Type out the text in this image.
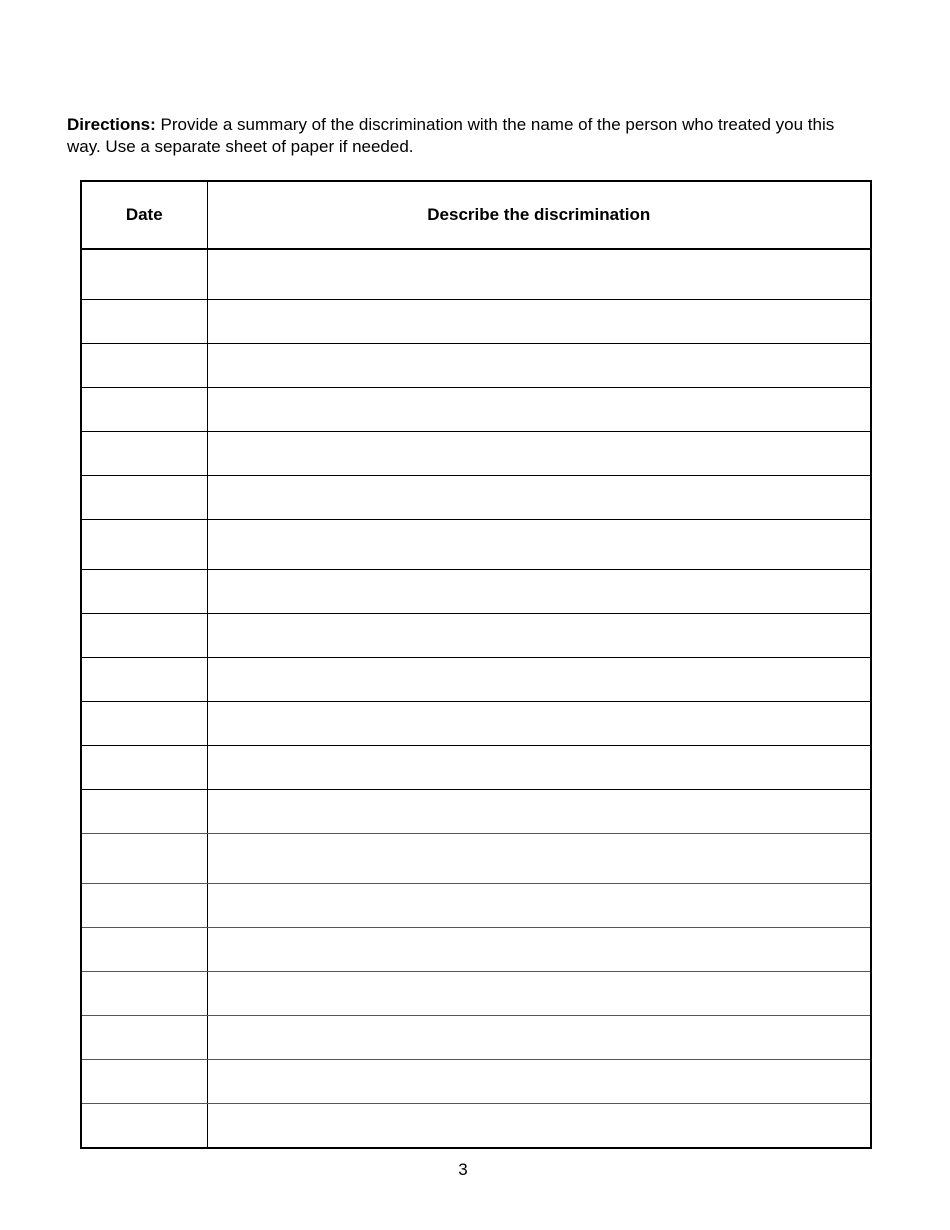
Directions: Provide a summary of the discrimination with the name of the person who treated you this way. Use a separate sheet of paper if needed.
Date	Describe the discrimination

3
